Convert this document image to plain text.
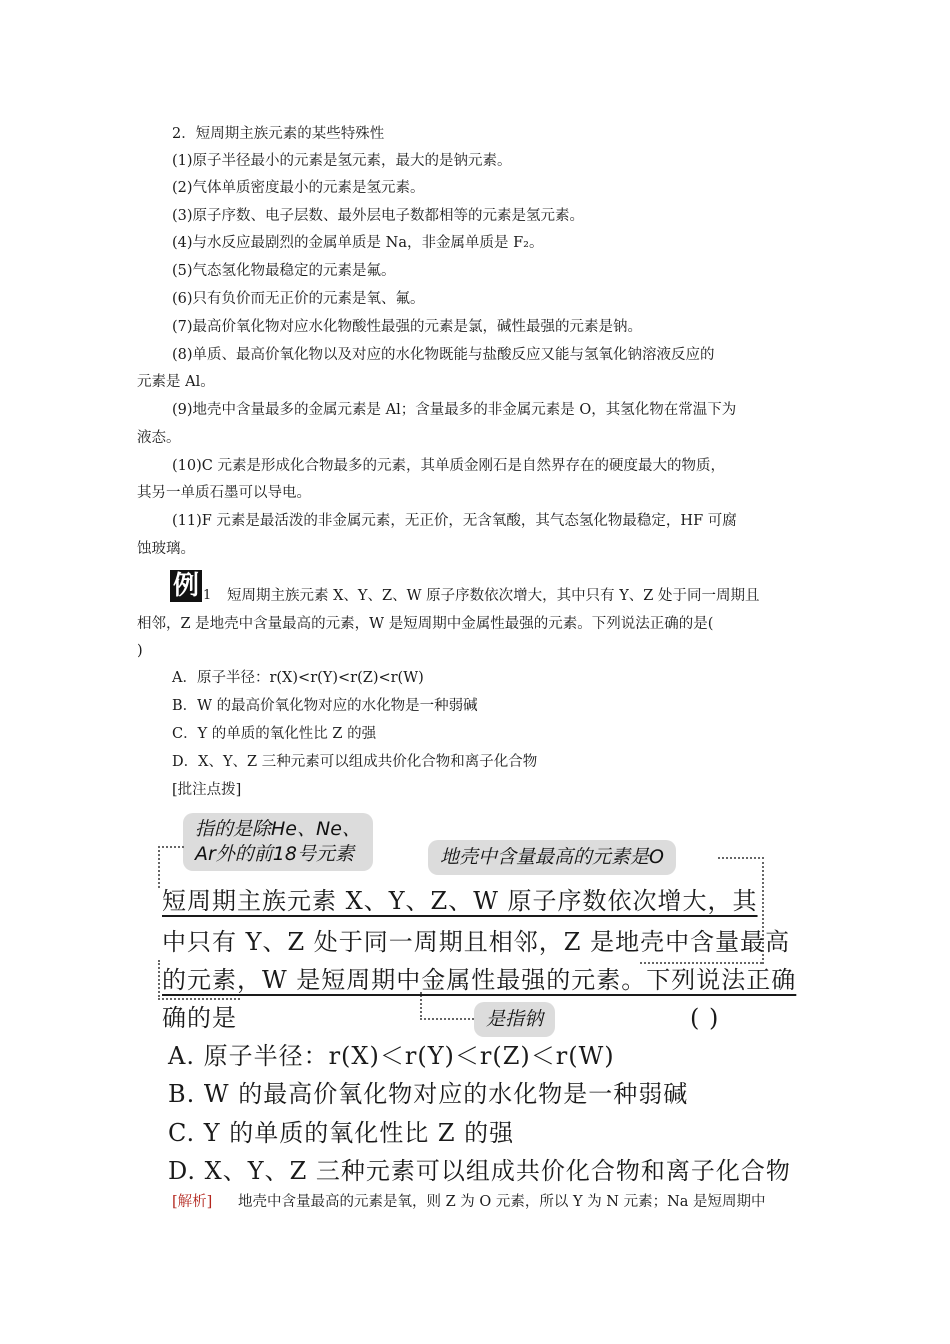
2．短周期主族元素的某些特殊性
(1)原子半径最小的元素是氢元素，最大的是钠元素。
(2)气体单质密度最小的元素是氢元素。
(3)原子序数、电子层数、最外层电子数都相等的元素是氢元素。
(4)与水反应最剧烈的金属单质是 Na，非金属单质是 F₂。
(5)气态氢化物最稳定的元素是氟。
(6)只有负价而无正价的元素是氧、氟。
(7)最高价氧化物对应水化物酸性最强的元素是氯，碱性最强的元素是钠。
(8)单质、最高价氧化物以及对应的水化物既能与盐酸反应又能与氢氧化钠溶液反应的
元素是 Al。
(9)地壳中含量最多的金属元素是 Al；含量最多的非金属元素是 O，其氢化物在常温下为
液态。
(10)C 元素是形成化合物最多的元素，其单质金刚石是自然界存在的硬度最大的物质，
其另一单质石墨可以导电。
(11)F 元素是最活泼的非金属元素，无正价，无含氧酸，其气态氢化物最稳定，HF 可腐
蚀玻璃。
例 1 短周期主族元素 X、Y、Z、W 原子序数依次增大，其中只有 Y、Z 处于同一周期且
相邻，Z 是地壳中含量最高的元素，W 是短周期中金属性最强的元素。下列说法正确的是(
)
A．原子半径：r(X)<r(Y)<r(Z)<r(W)
B．W 的最高价氧化物对应的水化物是一种弱碱
C．Y 的单质的氧化性比 Z 的强
D．X、Y、Z 三种元素可以组成共价化合物和离子化合物
[批注点拨]
指的是除He、Ne、
Ar外的前18号元素	地壳中含量最高的元素是O
是指钠
短周期主族元素 X、Y、Z、W 原子序数依次增大，其
中只有 Y、Z 处于同一周期且相邻，Z 是地壳中含量最高
的元素，W 是短周期中金属性最强的元素。下列说法正确
确的是	( )
A. 原子半径：r(X)＜r(Y)＜r(Z)＜r(W)
B. W 的最高价氧化物对应的水化物是一种弱碱
C. Y 的单质的氧化性比 Z 的强
D. X、Y、Z 三种元素可以组成共价化合物和离子化合物
[解析] 地壳中含量最高的元素是氧，则 Z 为 O 元素，所以 Y 为 N 元素；Na 是短周期中
